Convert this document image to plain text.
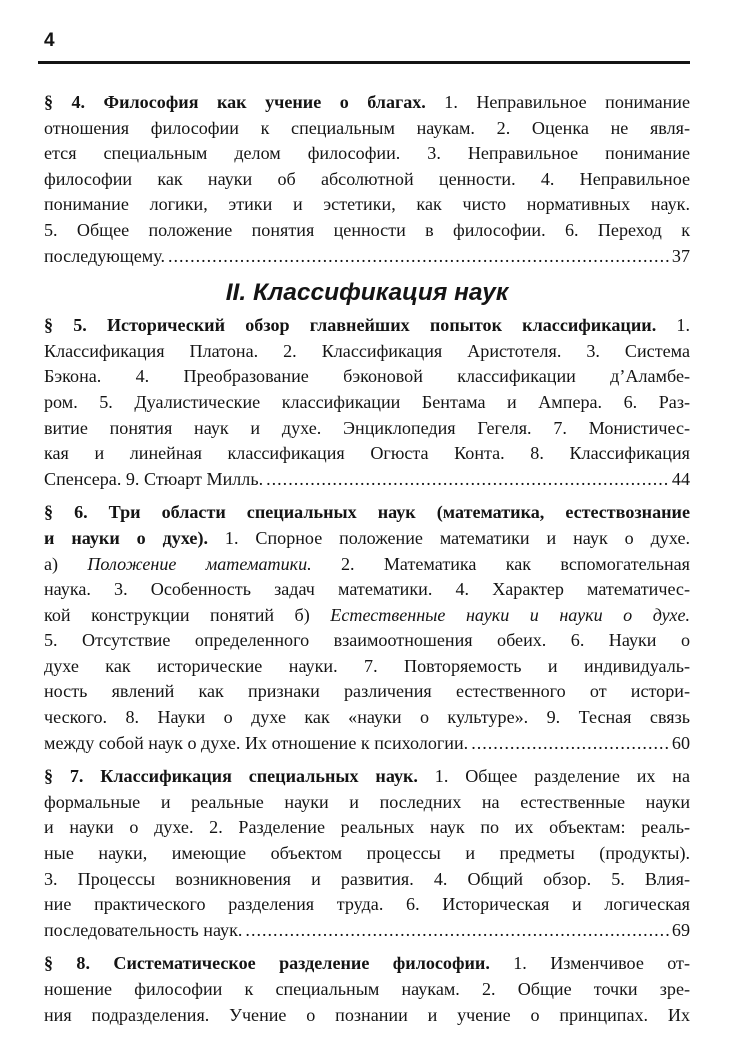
4
§ 4. Философия как учение о благах. 1. Неправильное понимание
отношения философии к специальным наукам. 2. Оценка не явля-
ется специальным делом философии. 3. Неправильное понимание
философии как науки об абсолютной ценности. 4. Неправильное
понимание логики, этики и эстетики, как чисто нормативных наук.
5. Общее положение понятия ценности в философии. 6. Переход к
последующему. .....	37
II. Классификация наук
§ 5. Исторический обзор главнейших попыток классификации. 1.
Классификация Платона. 2. Классификация Аристотеля. 3. Система
Бэкона. 4. Преобразование бэконовой классификации д’Аламбе-
ром. 5. Дуалистические классификации Бентама и Ампера. 6. Раз-
витие понятия наук и духе. Энциклопедия Гегеля. 7. Монистичес-
кая и линейная классификация Огюста Конта. 8. Классификация
Спенсера. 9. Стюарт Милль. .....	44
§ 6. Три области специальных наук (математика, естествознание
и науки о духе). 1. Спорное положение математики и наук о духе.
а) Положение математики. 2. Математика как вспомогательная
наука. 3. Особенность задач математики. 4. Характер математичес-
кой конструкции понятий б) Естественные науки и науки о духе.
5. Отсутствие определенного взаимоотношения обеих. 6. Науки о
духе как исторические науки. 7. Повторяемость и индивидуаль-
ность явлений как признаки различения естественного от истори-
ческого. 8. Науки о духе как «науки о культуре». 9. Тесная связь
между собой наук о духе. Их отношение к психологии. .....	60
§ 7. Классификация специальных наук. 1. Общее разделение их на
формальные и реальные науки и последних на естественные науки
и науки о духе. 2. Разделение реальных наук по их объектам: реаль-
ные науки, имеющие объектом процессы и предметы (продукты).
3. Процессы возникновения и развития. 4. Общий обзор. 5. Влия-
ние практического разделения труда. 6. Историческая и логическая
последовательность наук. .....	69
§ 8. Систематическое разделение философии. 1. Изменчивое от-
ношение философии к специальным наукам. 2. Общие точки зре-
ния подразделения. Учение о познании и учение о принципах. Их
